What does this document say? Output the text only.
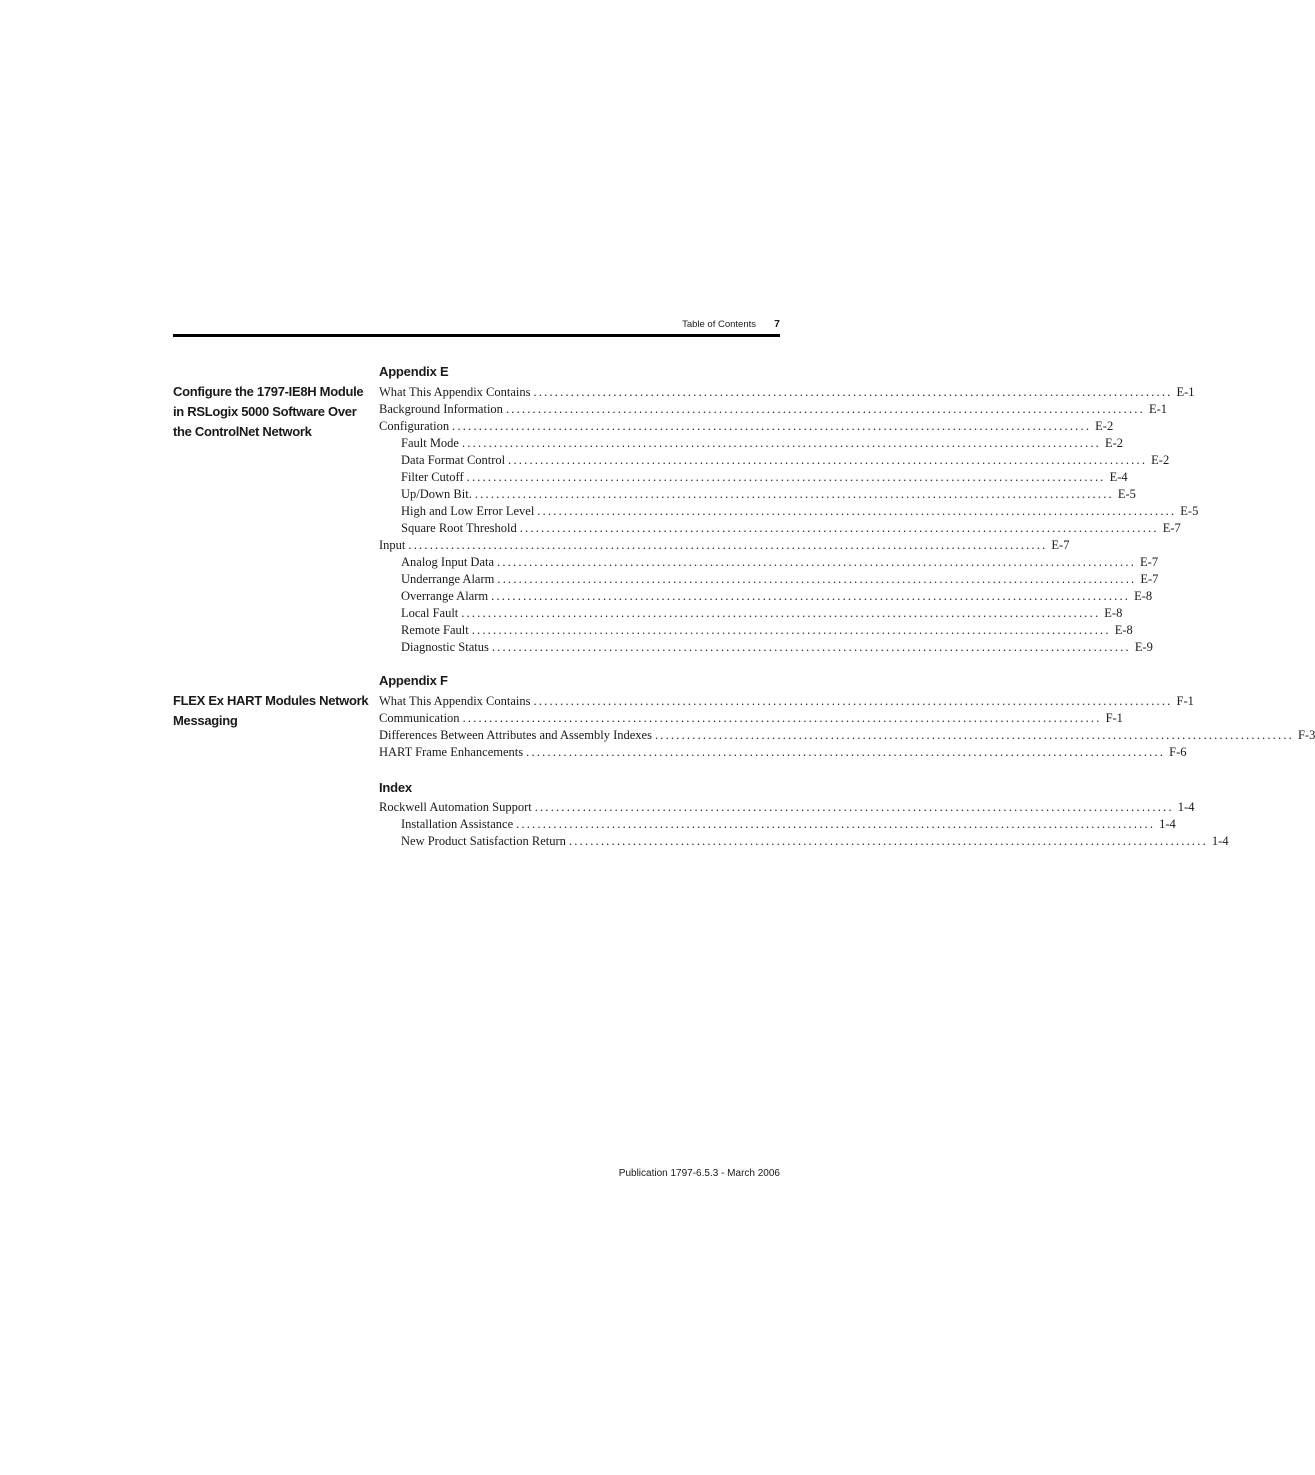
Table of Contents 7
Configure the 1797-IE8H Module in RSLogix 5000 Software Over the ControlNet Network
Appendix E
What This Appendix Contains ........................................................................................................................ E-1
Background Information ........................................................................................................................ E-1
Configuration ........................................................................................................................ E-2
Fault Mode ........................................................................................................................ E-2
Data Format Control ........................................................................................................................ E-2
Filter Cutoff ........................................................................................................................ E-4
Up/Down Bit. ........................................................................................................................ E-5
High and Low Error Level ........................................................................................................................ E-5
Square Root Threshold ........................................................................................................................ E-7
Input ........................................................................................................................ E-7
Analog Input Data ........................................................................................................................ E-7
Underrange Alarm ........................................................................................................................ E-7
Overrange Alarm ........................................................................................................................ E-8
Local Fault ........................................................................................................................ E-8
Remote Fault ........................................................................................................................ E-8
Diagnostic Status ........................................................................................................................ E-9
FLEX Ex HART Modules Network Messaging
Appendix F
What This Appendix Contains ........................................................................................................................ F-1
Communication ........................................................................................................................ F-1
Differences Between Attributes and Assembly Indexes ........................................................................................................................ F-3
HART Frame Enhancements ........................................................................................................................ F-6
Index
Rockwell Automation Support ........................................................................................................................ 1-4
Installation Assistance ........................................................................................................................ 1-4
New Product Satisfaction Return ........................................................................................................................ 1-4
Publication 1797-6.5.3 - March 2006
